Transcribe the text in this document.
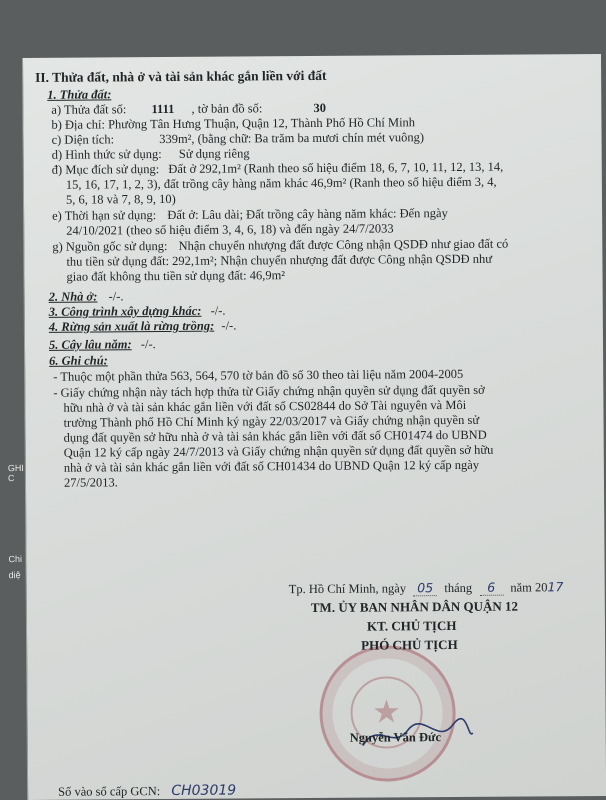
GHI C
Chi
diệ
II. Thửa đất, nhà ở và tài sản khác gắn liền với đất
1. Thửa đất:
a) Thửa đất số: 1111 , tờ bản đồ số:	30
b) Địa chỉ: Phường Tân Hưng Thuận, Quận 12, Thành Phố Hồ Chí Minh
c) Diện tích:	339m², (bằng chữ: Ba trăm ba mươi chín mét vuông)
d) Hình thức sử dụng: Sử dụng riêng
đ) Mục đích sử dụng: Đất ở 292,1m² (Ranh theo số hiệu điểm 18, 6, 7, 10, 11, 12, 13, 14,
15, 16, 17, 1, 2, 3), đất trồng cây hàng năm khác 46,9m² (Ranh theo số hiệu điểm 3, 4,
5, 6, 18 và 7, 8, 9, 10)
e) Thời hạn sử dụng: Đất ở: Lâu dài; Đất trồng cây hàng năm khác: Đến ngày
24/10/2021 (theo số hiệu điểm 3, 4, 6, 18) và đến ngày 24/7/2033
g) Nguồn gốc sử dụng: Nhận chuyển nhượng đất được Công nhận QSDĐ như giao đất có
thu tiền sử dụng đất: 292,1m²; Nhận chuyển nhượng đất được Công nhận QSDĐ như
giao đất không thu tiền sử dụng đất: 46,9m²
2. Nhà ở: -/-.
3. Công trình xây dựng khác: -/-.
4. Rừng sản xuất là rừng trồng: -/-.
5. Cây lâu năm: -/-.
6. Ghi chú:
- Thuộc một phần thửa 563, 564, 570 tờ bản đồ số 30 theo tài liệu năm 2004-2005
- Giấy chứng nhận này tách hợp thửa từ Giấy chứng nhận quyền sử dụng đất quyền sở
hữu nhà ở và tài sản khác gắn liền với đất số CS02844 do Sở Tài nguyên và Môi
trường Thành phố Hồ Chí Minh ký ngày 22/03/2017 và Giấy chứng nhận quyền sử
dụng đất quyền sở hữu nhà ở và tài sản khác gắn liền với đất số CH01474 do UBND
Quận 12 ký cấp ngày 24/7/2013 và Giấy chứng nhận quyền sử dụng đất quyền sở hữu
nhà ở và tài sản khác gắn liền với đất số CH01434 do UBND Quận 12 ký cấp ngày
27/5/2013.
★
Tp. Hồ Chí Minh, ngày 05 tháng 6 năm 2017
TM. ỦY BAN NHÂN DÂN QUẬN 12
KT. CHỦ TỊCH
PHÓ CHỦ TỊCH
Nguyễn Văn Đức
Số vào sổ cấp GCN: CH03019
